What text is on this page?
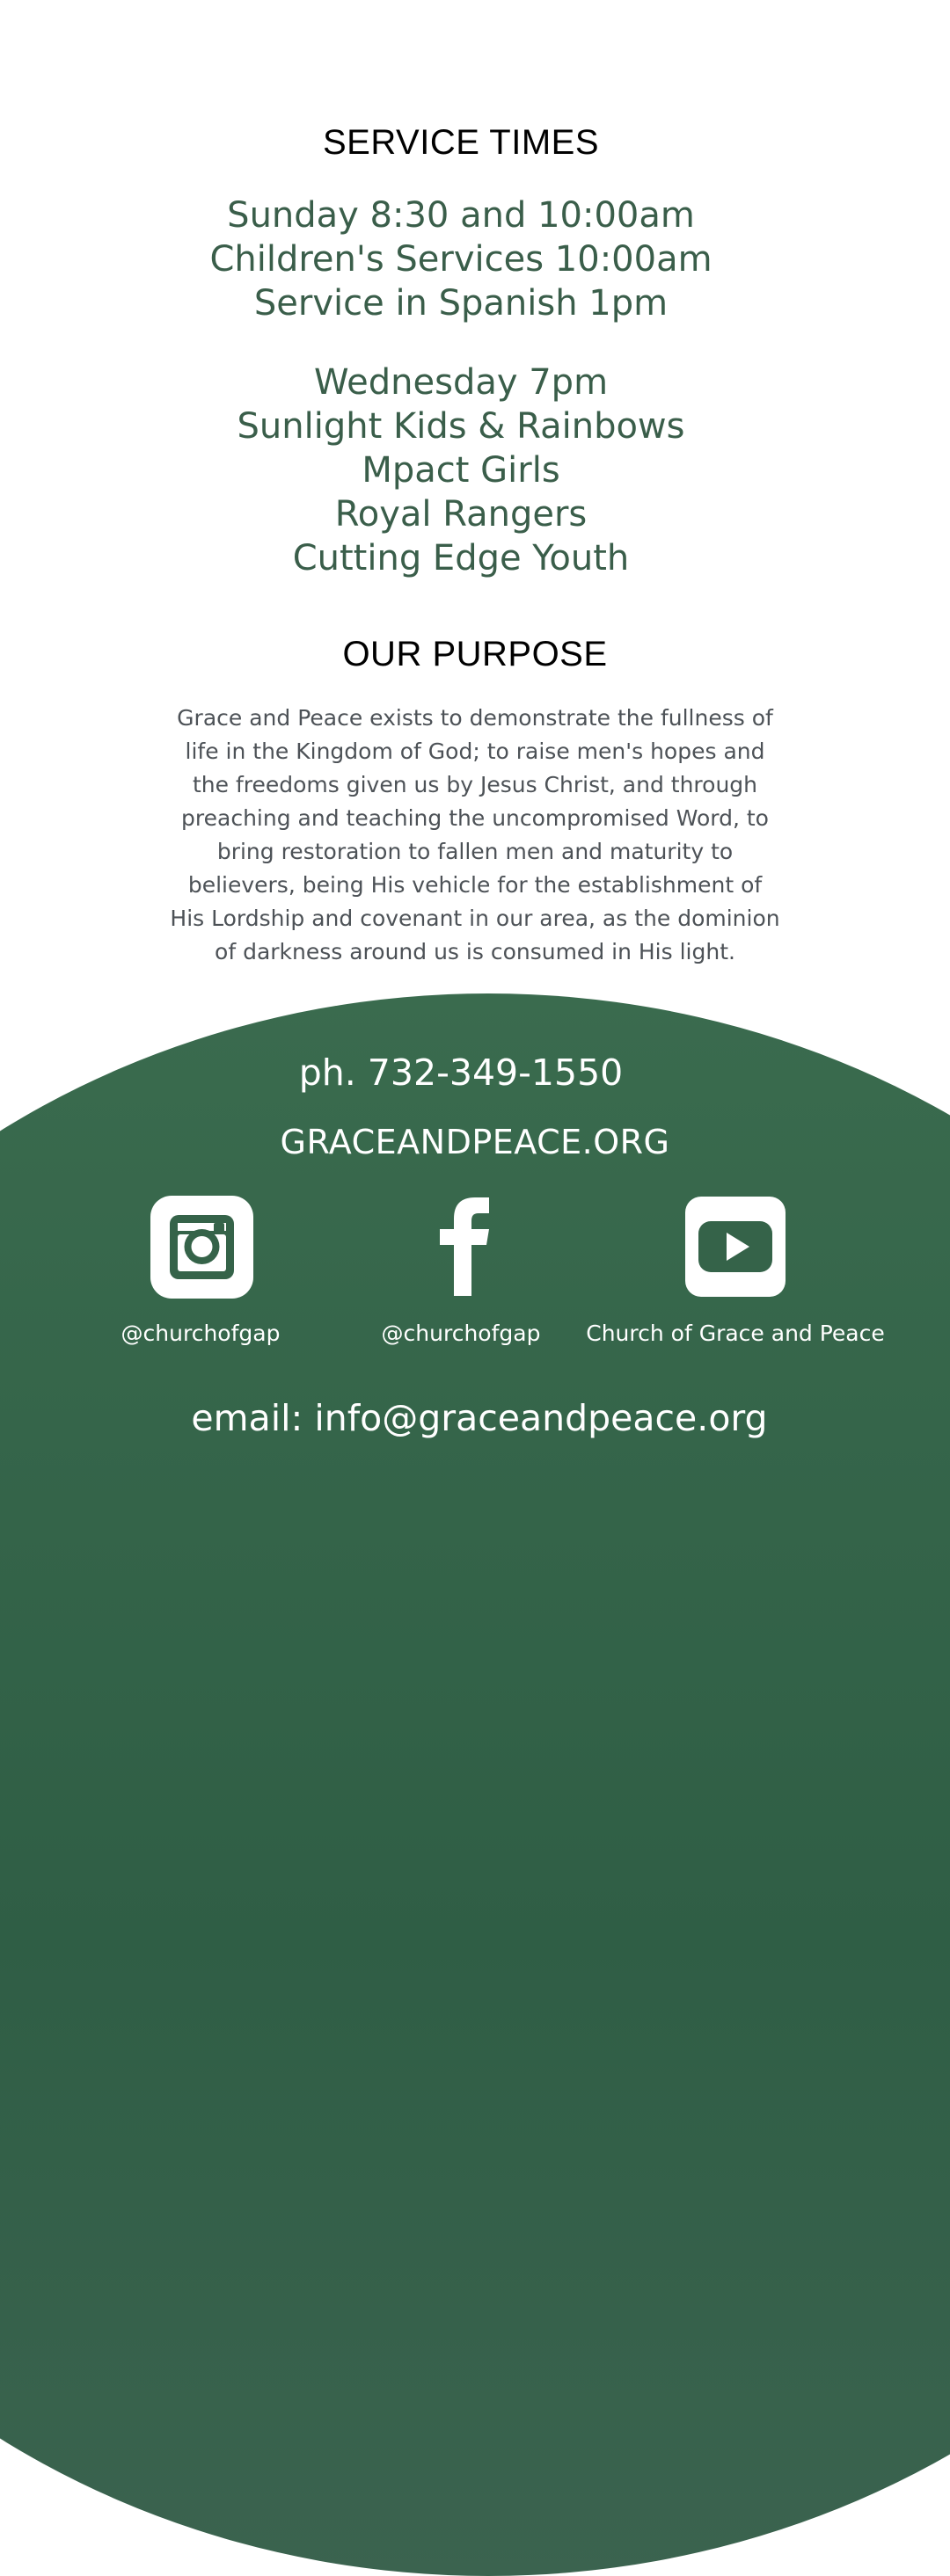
SERVICE TIMES
Sunday 8:30 and 10:00am
Children's Services 10:00am
Service in Spanish 1pm
Wednesday 7pm
Sunlight Kids & Rainbows
Mpact Girls
Royal Rangers
Cutting Edge Youth
OUR PURPOSE
Grace and Peace exists to demonstrate the fullness of
life in the Kingdom of God; to raise men's hopes and
the freedoms given us by Jesus Christ, and through
preaching and teaching the uncompromised Word, to
bring restoration to fallen men and maturity to
believers, being His vehicle for the establishment of
His Lordship and covenant in our area, as the dominion
of darkness around us is consumed in His light.
ph. 732-349-1550
GRACEANDPEACE.ORG
@churchofgap	@churchofgap	Church of Grace and Peace
email: info@graceandpeace.org
